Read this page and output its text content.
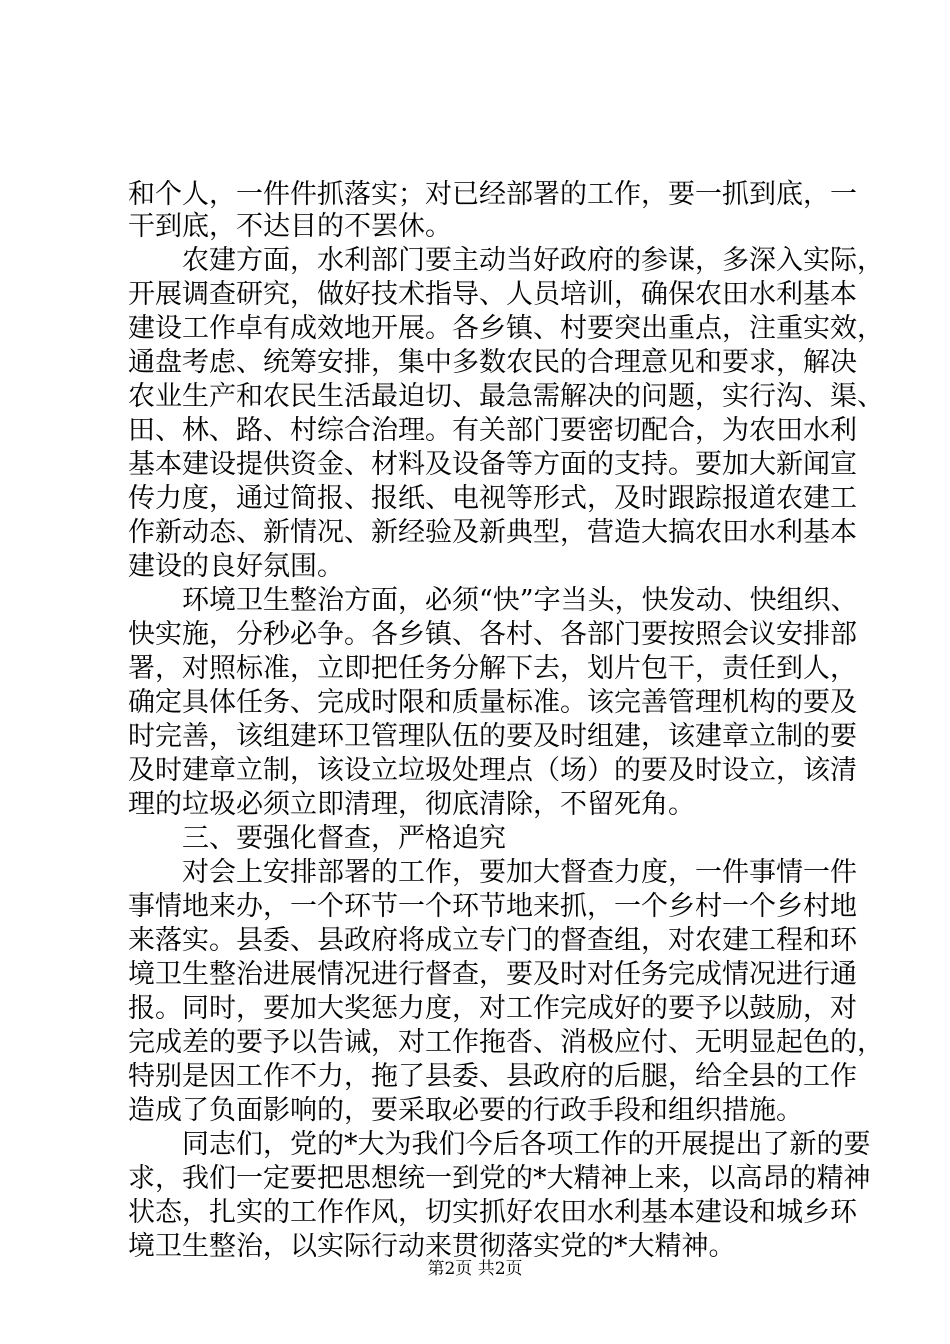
和个人，一件件抓落实；对已经部署的工作，要一抓到底，一
干到底，不达目的不罢休。
农建方面，水利部门要主动当好政府的参谋，多深入实际，
开展调查研究，做好技术指导、人员培训，确保农田水利基本
建设工作卓有成效地开展。各乡镇、村要突出重点，注重实效，
通盘考虑、统筹安排，集中多数农民的合理意见和要求，解决
农业生产和农民生活最迫切、最急需解决的问题，实行沟、渠、
田、林、路、村综合治理。有关部门要密切配合，为农田水利
基本建设提供资金、材料及设备等方面的支持。要加大新闻宣
传力度，通过简报、报纸、电视等形式，及时跟踪报道农建工
作新动态、新情况、新经验及新典型，营造大搞农田水利基本
建设的良好氛围。
环境卫生整治方面，必须“快”字当头，快发动、快组织、
快实施，分秒必争。各乡镇、各村、各部门要按照会议安排部
署，对照标准，立即把任务分解下去，划片包干，责任到人，
确定具体任务、完成时限和质量标准。该完善管理机构的要及
时完善，该组建环卫管理队伍的要及时组建，该建章立制的要
及时建章立制，该设立垃圾处理点（场）的要及时设立，该清
理的垃圾必须立即清理，彻底清除，不留死角。
三、要强化督查，严格追究
对会上安排部署的工作，要加大督查力度，一件事情一件
事情地来办，一个环节一个环节地来抓，一个乡村一个乡村地
来落实。县委、县政府将成立专门的督查组，对农建工程和环
境卫生整治进展情况进行督查，要及时对任务完成情况进行通
报。同时，要加大奖惩力度，对工作完成好的要予以鼓励，对
完成差的要予以告诫，对工作拖沓、消极应付、无明显起色的，
特别是因工作不力，拖了县委、县政府的后腿，给全县的工作
造成了负面影响的，要采取必要的行政手段和组织措施。
同志们，党的*大为我们今后各项工作的开展提出了新的要
求，我们一定要把思想统一到党的*大精神上来，以高昂的精神
状态，扎实的工作作风，切实抓好农田水利基本建设和城乡环
境卫生整治，以实际行动来贯彻落实党的*大精神。
第2页 共2页
